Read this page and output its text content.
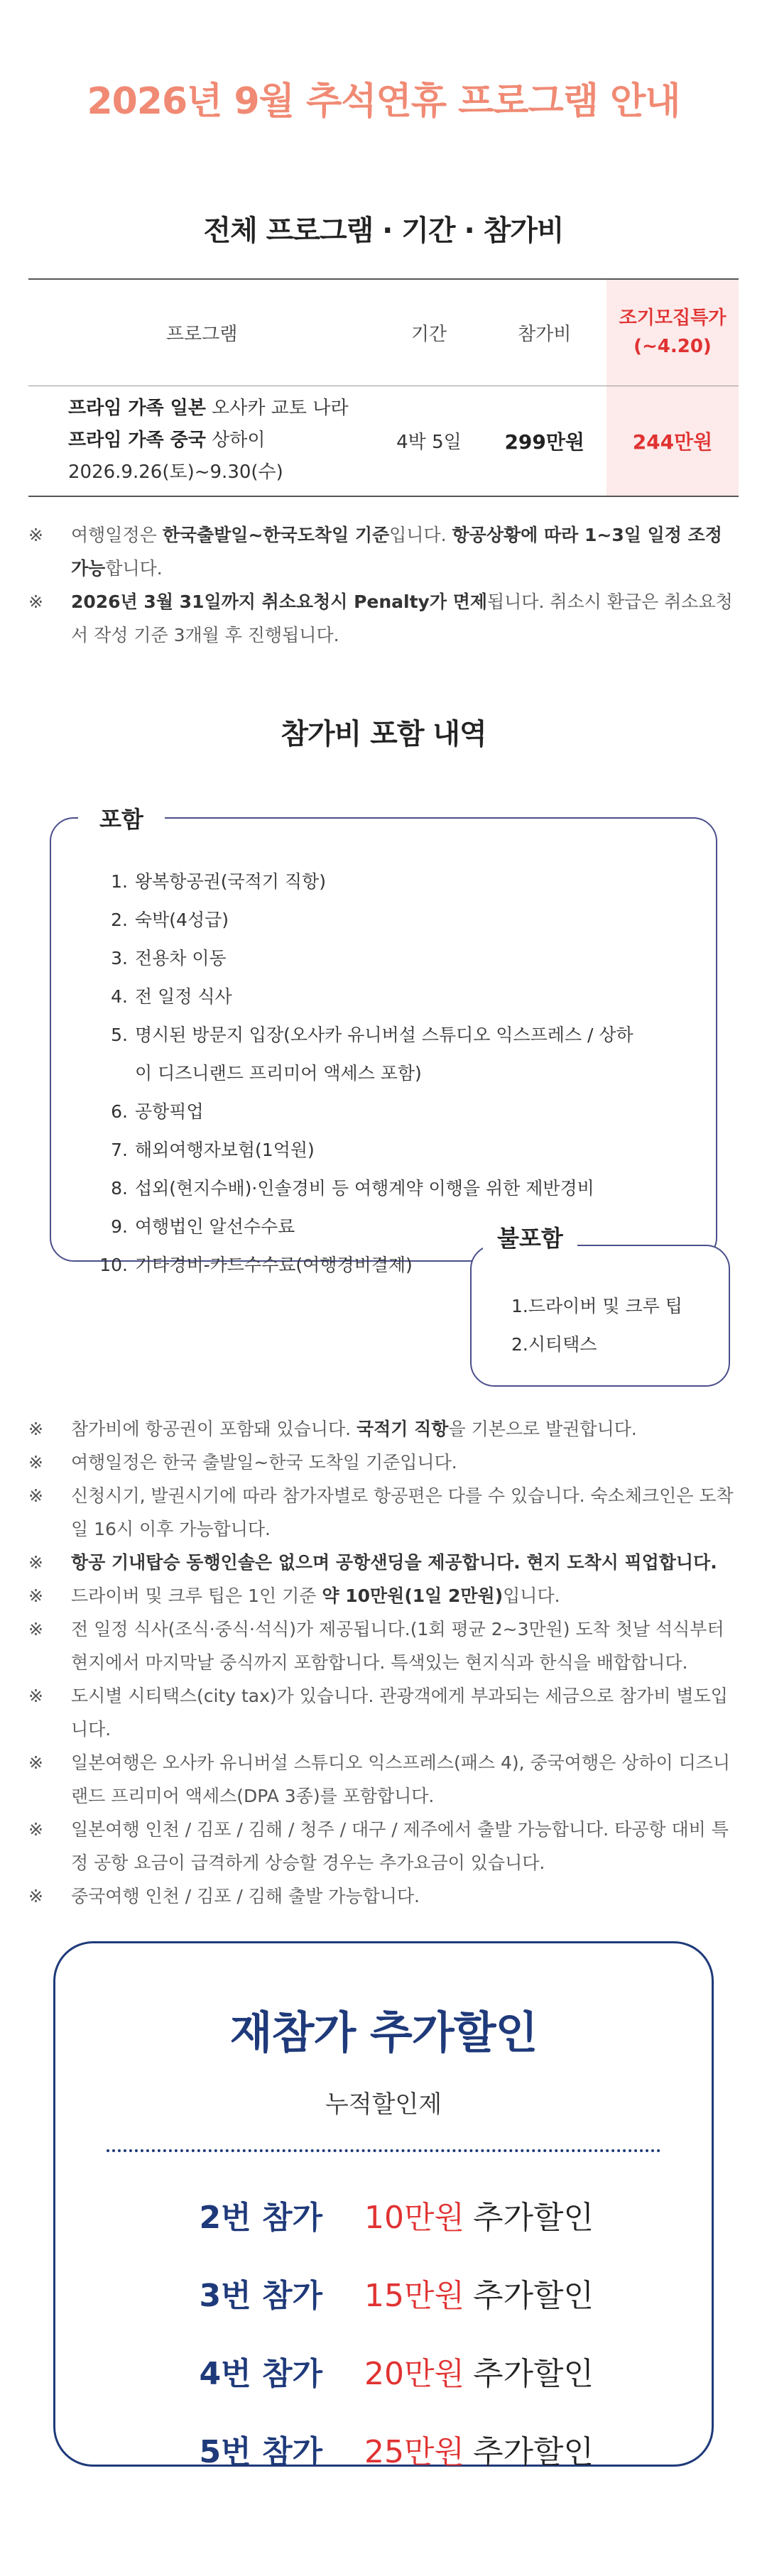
2026년 9월 추석연휴 프로그램 안내
전체 프로그램 · 기간 · 참가비
프로그램	기간	참가비	조기모집특가
(~4.20)

프라임 가족 일본 오사카 교토 나라
프라임 가족 중국 상하이
2026.9.26(토)~9.30(수)	4박 5일	299만원	244만원

※ 여행일정은 한국출발일~한국도착일 기준입니다. 항공상황에 따라 1~3일 일정 조정 가능합니다.

※ 2026년 3월 31일까지 취소요청시 Penalty가 면제됩니다. 취소시 환급은 취소요청서 작성 기준 3개월 후 진행됩니다.

참가비 포함 내역
포함
1. 왕복항공권(국적기 직항)
2. 숙박(4성급)
3. 전용차 이동
4. 전 일정 식사
5. 명시된 방문지 입장(오사카 유니버설 스튜디오 익스프레스 / 상하이 디즈니랜드 프리미어 액세스 포함)
6. 공항픽업
7. 해외여행자보험(1억원)
8. 섭외(현지수배)·인솔경비 등 여행계약 이행을 위한 제반경비
9. 여행법인 알선수수료
10. 기타경비-카드수수료(여행경비결제)
불포함
1.드라이버 및 크루 팁
2.시티택스

※ 참가비에 항공권이 포함돼 있습니다. 국적기 직항을 기본으로 발권합니다.

※ 여행일정은 한국 출발일~한국 도착일 기준입니다.

※ 신청시기, 발권시기에 따라 참가자별로 항공편은 다를 수 있습니다. 숙소체크인은 도착일 16시 이후 가능합니다.

※ 항공 기내탑승 동행인솔은 없으며 공항샌딩을 제공합니다. 현지 도착시 픽업합니다.

※ 드라이버 및 크루 팁은 1인 기준 약 10만원(1일 2만원)입니다.

※ 전 일정 식사(조식·중식·석식)가 제공됩니다.(1회 평균 2~3만원) 도착 첫날 석식부터 현지에서 마지막날 중식까지 포함합니다. 특색있는 현지식과 한식을 배합합니다.

※ 도시별 시티택스(city tax)가 있습니다. 관광객에게 부과되는 세금으로 참가비 별도입니다.

※ 일본여행은 오사카 유니버설 스튜디오 익스프레스(패스 4), 중국여행은 상하이 디즈니랜드 프리미어 액세스(DPA 3종)를 포함합니다.

※ 일본여행 인천 / 김포 / 김해 / 청주 / 대구 / 제주에서 출발 가능합니다. 타공항 대비 특정 공항 요금이 급격하게 상승할 경우는 추가요금이 있습니다.

※ 중국여행 인천 / 김포 / 김해 출발 가능합니다.

재참가 추가할인
누적할인제
2번 참가 10만원 추가할인
3번 참가 15만원 추가할인
4번 참가 20만원 추가할인
5번 참가 25만원 추가할인
